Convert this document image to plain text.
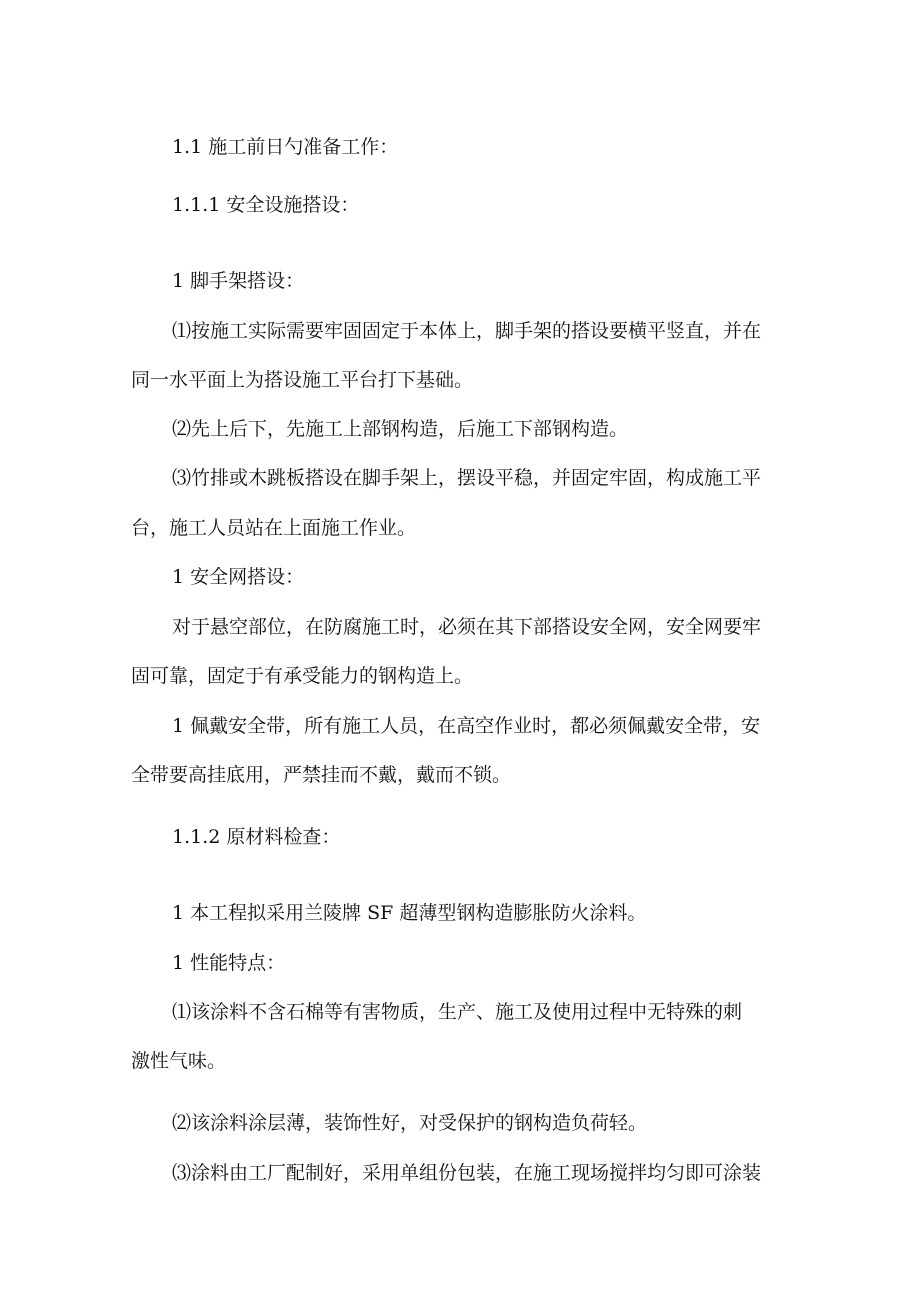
1.1 施工前日勺准备工作：
1.1.1 安全设施搭设：
1 脚手架搭设：
⑴按施工实际需要牢固固定于本体上，脚手架的搭设要横平竖直，并在
同一水平面上为搭设施工平台打下基础。
⑵先上后下，先施工上部钢构造，后施工下部钢构造。
⑶竹排或木跳板搭设在脚手架上，摆设平稳，并固定牢固，构成施工平
台，施工人员站在上面施工作业。
1 安全网搭设：
对于悬空部位，在防腐施工时，必须在其下部搭设安全网，安全网要牢
固可靠，固定于有承受能力的钢构造上。
1 佩戴安全带，所有施工人员，在高空作业时，都必须佩戴安全带，安
全带要高挂底用，严禁挂而不戴，戴而不锁。
1.1.2 原材料检查：
1 本工程拟采用兰陵牌 SF 超薄型钢构造膨胀防火涂料。
1 性能特点：
⑴该涂料不含石棉等有害物质，生产、施工及使用过程中无特殊的刺
激性气味。
⑵该涂料涂层薄，装饰性好，对受保护的钢构造负荷轻。
⑶涂料由工厂配制好，采用单组份包装，在施工现场搅拌均匀即可涂装
